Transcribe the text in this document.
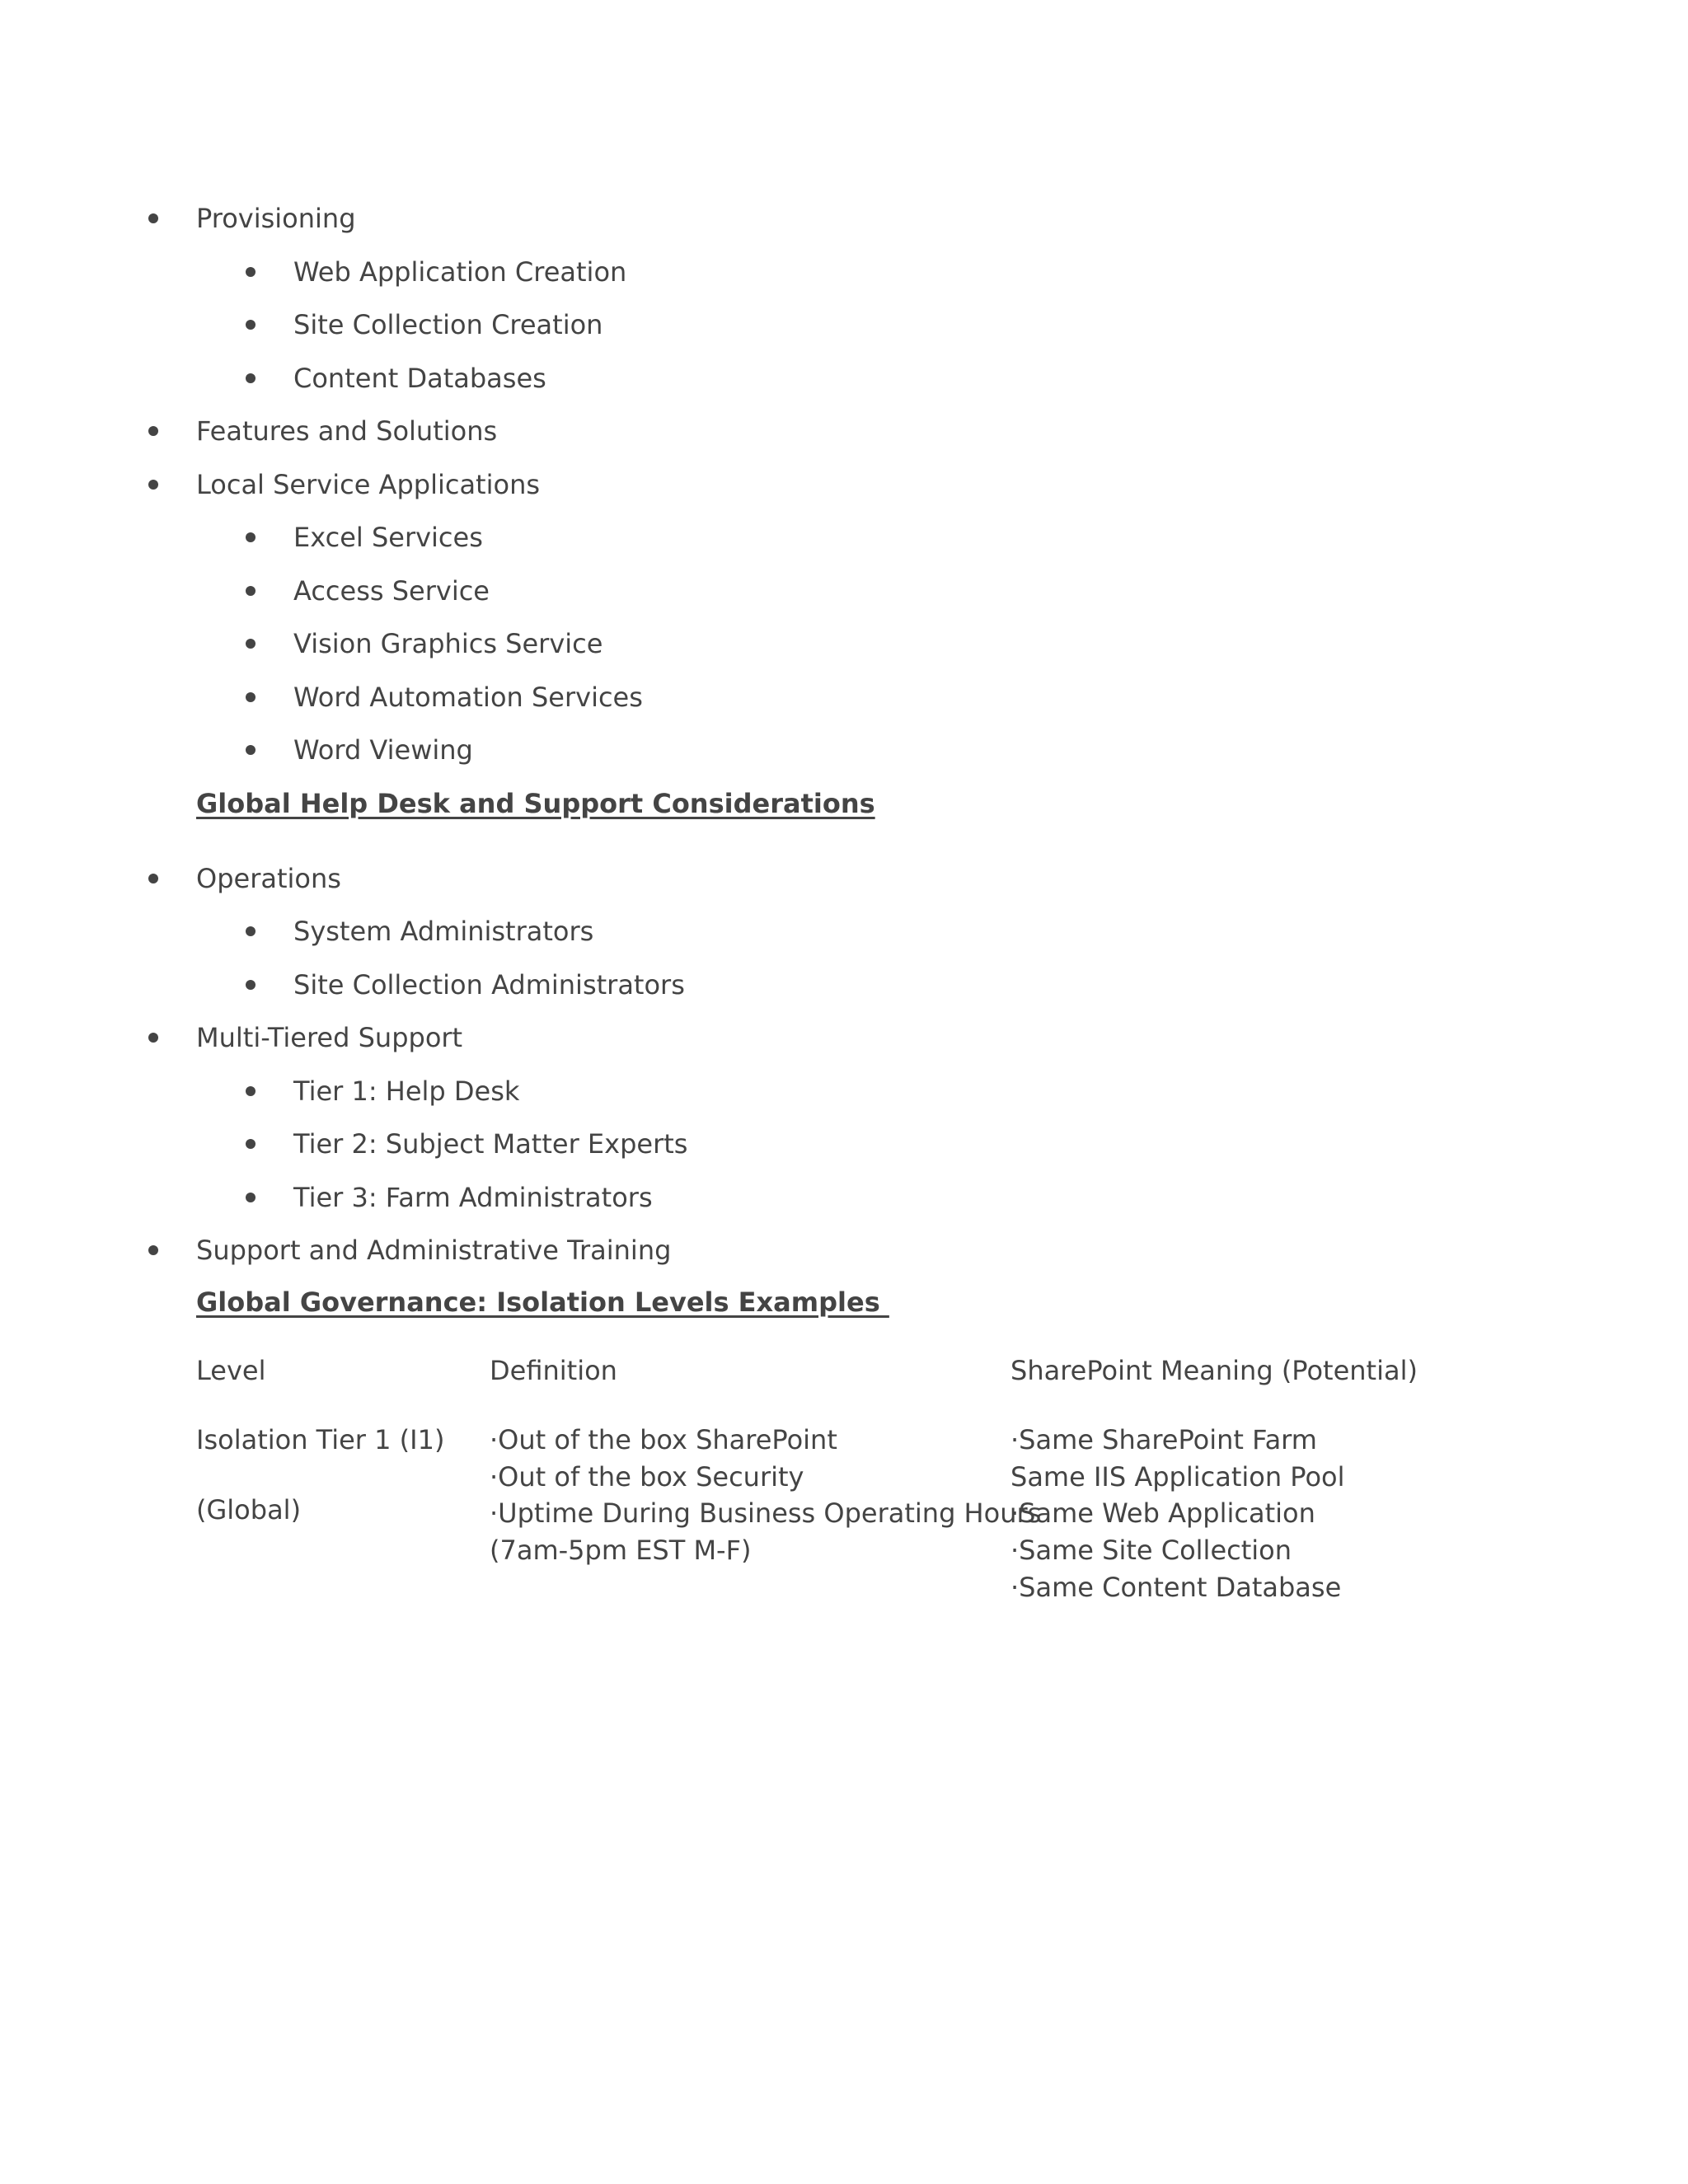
Provisioning
Web Application Creation
Site Collection Creation
Content Databases
Features and Solutions
Local Service Applications
Excel Services
Access Service
Vision Graphics Service
Word Automation Services
Word Viewing
Global Help Desk and Support Considerations
Operations
System Administrators
Site Collection Administrators
Multi-Tiered Support
Tier 1: Help Desk
Tier 2: Subject Matter Experts
Tier 3: Farm Administrators
Support and Administrative Training
Global Governance: Isolation Levels Examples
Level	Definition	SharePoint Meaning (Potential)
Isolation Tier 1 (I1)
(Global)
·Out of the box SharePoint
·Out of the box Security
·Uptime During Business Operating Hours
(7am-5pm EST M-F)
·Same SharePoint Farm
Same IIS Application Pool
·Same Web Application
·Same Site Collection
·Same Content Database
